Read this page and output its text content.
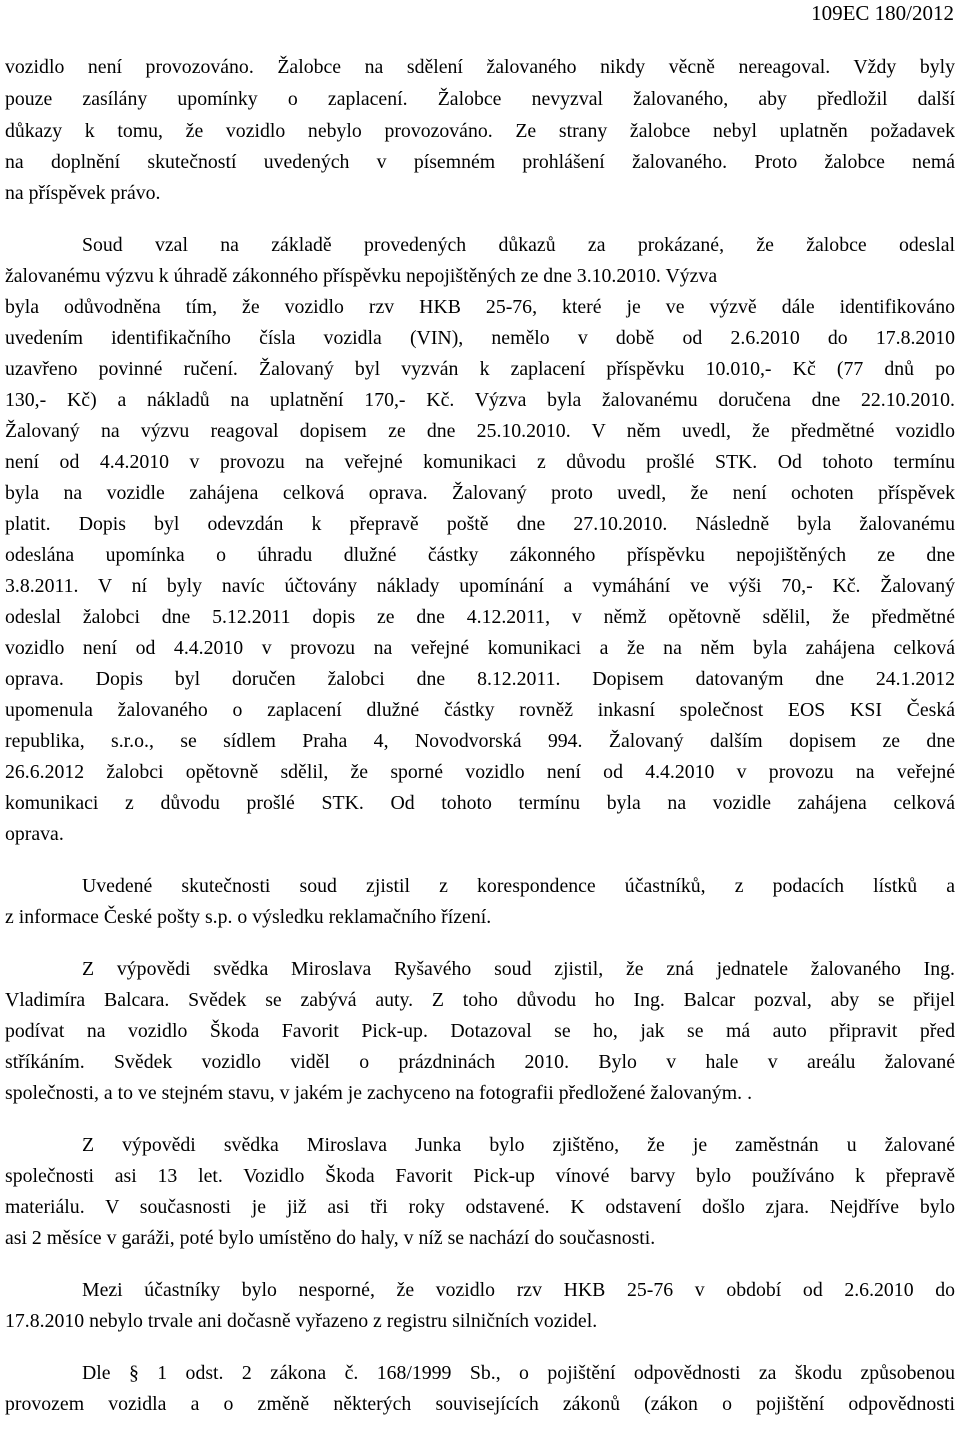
109EC 180/2012
vozidlo není provozováno. Žalobce na sdělení žalovaného nikdy věcně nereagoval. Vždy byly
pouze zasílány upomínky o zaplacení. Žalobce nevyzval žalovaného, aby předložil další
důkazy k tomu, že vozidlo nebylo provozováno. Ze strany žalobce nebyl uplatněn požadavek
na doplnění skutečností uvedených v písemném prohlášení žalovaného. Proto žalobce nemá
na příspěvek právo.
Soud vzal na základě provedených důkazů za prokázané, že žalobce odeslal
žalovanému výzvu k úhradě zákonného příspěvku nepojištěných ze dne 3.10.2010. Výzva
byla odůvodněna tím, že vozidlo rzv HKB 25-76, které je ve výzvě dále identifikováno
uvedením identifikačního čísla vozidla (VIN), nemělo v době od 2.6.2010 do 17.8.2010
uzavřeno povinné ručení. Žalovaný byl vyzván k zaplacení příspěvku 10.010,- Kč (77 dnů po
130,- Kč) a nákladů na uplatnění 170,- Kč. Výzva byla žalovanému doručena dne 22.10.2010.
Žalovaný na výzvu reagoval dopisem ze dne 25.10.2010. V něm uvedl, že předmětné vozidlo
není od 4.4.2010 v provozu na veřejné komunikaci z důvodu prošlé STK. Od tohoto termínu
byla na vozidle zahájena celková oprava. Žalovaný proto uvedl, že není ochoten příspěvek
platit. Dopis byl odevzdán k přepravě poště dne 27.10.2010. Následně byla žalovanému
odeslána upomínka o úhradu dlužné částky zákonného příspěvku nepojištěných ze dne
3.8.2011. V ní byly navíc účtovány náklady upomínání a vymáhání ve výši 70,- Kč. Žalovaný
odeslal žalobci dne 5.12.2011 dopis ze dne 4.12.2011, v němž opětovně sdělil, že předmětné
vozidlo není od 4.4.2010 v provozu na veřejné komunikaci a že na něm byla zahájena celková
oprava. Dopis byl doručen žalobci dne 8.12.2011. Dopisem datovaným dne 24.1.2012
upomenula žalovaného o zaplacení dlužné částky rovněž inkasní společnost EOS KSI Česká
republika, s.r.o., se sídlem Praha 4, Novodvorská 994. Žalovaný dalším dopisem ze dne
26.6.2012 žalobci opětovně sdělil, že sporné vozidlo není od 4.4.2010 v provozu na veřejné
komunikaci z důvodu prošlé STK. Od tohoto termínu byla na vozidle zahájena celková
oprava.
Uvedené skutečnosti soud zjistil z korespondence účastníků, z podacích lístků a
z informace České pošty s.p. o výsledku reklamačního řízení.
Z výpovědi svědka Miroslava Ryšavého soud zjistil, že zná jednatele žalovaného Ing.
Vladimíra Balcara. Svědek se zabývá auty. Z toho důvodu ho Ing. Balcar pozval, aby se přijel
podívat na vozidlo Škoda Favorit Pick-up. Dotazoval se ho, jak se má auto připravit před
stříkáním. Svědek vozidlo viděl o prázdninách 2010. Bylo v hale v areálu žalované
společnosti, a to ve stejném stavu, v jakém je zachyceno na fotografii předložené žalovaným. .
Z výpovědi svědka Miroslava Junka bylo zjištěno, že je zaměstnán u žalované
společnosti asi 13 let. Vozidlo Škoda Favorit Pick-up vínové barvy bylo používáno k přepravě
materiálu. V současnosti je již asi tři roky odstavené. K odstavení došlo zjara. Nejdříve bylo
asi 2 měsíce v garáži, poté bylo umístěno do haly, v níž se nachází do současnosti.
Mezi účastníky bylo nesporné, že vozidlo rzv HKB 25-76 v období od 2.6.2010 do
17.8.2010 nebylo trvale ani dočasně vyřazeno z registru silničních vozidel.
Dle § 1 odst. 2 zákona č. 168/1999 Sb., o pojištění odpovědnosti za škodu způsobenou
provozem vozidla a o změně některých souvisejících zákonů (zákon o pojištění odpovědnosti
